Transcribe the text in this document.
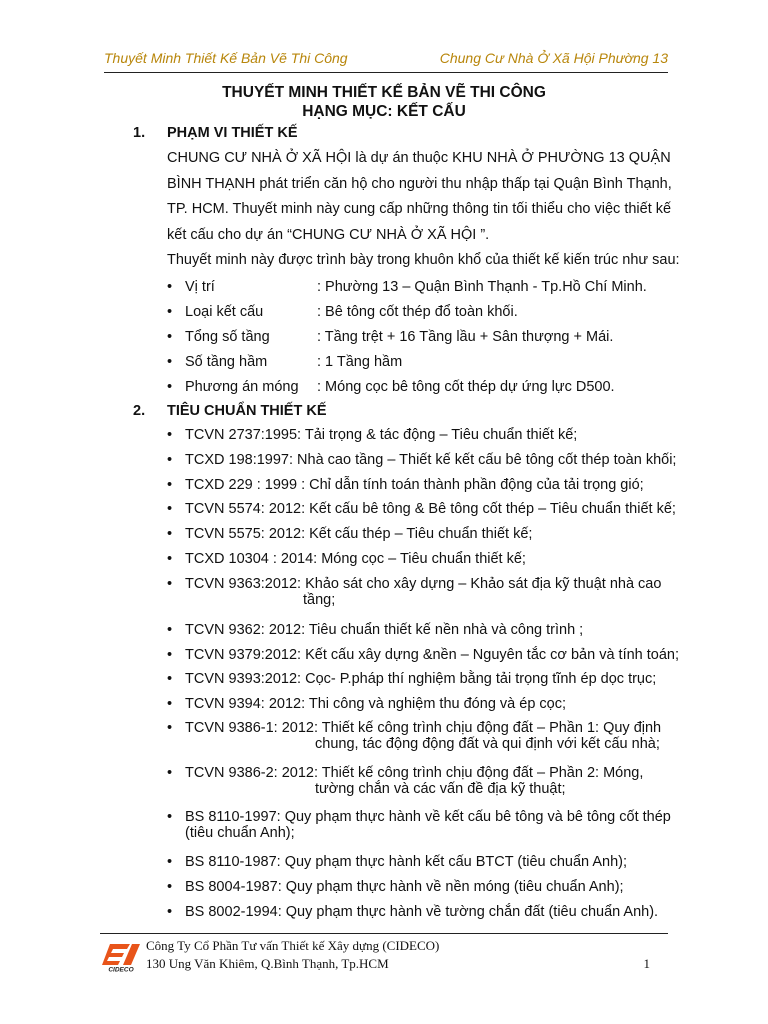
Thuyết Minh Thiết Kế Bản Vẽ Thi Công	Chung Cư Nhà Ở Xã Hội Phường 13
THUYẾT MINH THIẾT KẾ BẢN VẼ THI CÔNG
HẠNG MỤC: KẾT CẤU
1. PHẠM VI THIẾT KẾ
CHUNG CƯ NHÀ Ở XÃ HỘI là dự án thuộc KHU NHÀ Ở PHƯỜNG 13 QUẬN
BÌNH THẠNH phát triển căn hộ cho người thu nhập thấp tại Quận Bình Thạnh,
TP. HCM. Thuyết minh này cung cấp những thông tin tối thiểu cho việc thiết kế
kết cấu cho dự án “CHUNG CƯ NHÀ Ở XÃ HỘI ”.
Thuyết minh này được trình bày trong khuôn khổ của thiết kế kiến trúc như sau:
• Vị trí	: Phường 13 – Quận Bình Thạnh - Tp.Hồ Chí Minh.
• Loại kết cấu	: Bê tông cốt thép đổ toàn khối.
• Tổng số tầng	: Tầng trệt + 16 Tầng lầu + Sân thượng + Mái.
• Số tầng hầm	: 1 Tầng hầm
• Phương án móng : Móng cọc bê tông cốt thép dự ứng lực D500.
2. TIÊU CHUẨN THIẾT KẾ
• TCVN 2737:1995: Tải trọng & tác động – Tiêu chuẩn thiết kế;
• TCXD 198:1997: Nhà cao tầng – Thiết kế kết cấu bê tông cốt thép toàn khối;
• TCXD 229 : 1999 : Chỉ dẫn tính toán thành phần động của tải trọng gió;
• TCVN 5574: 2012: Kết cấu bê tông & Bê tông cốt thép – Tiêu chuẩn thiết kế;
• TCVN 5575: 2012: Kết cấu thép – Tiêu chuẩn thiết kế;
• TCXD 10304 : 2014: Móng cọc – Tiêu chuẩn thiết kế;
• TCVN 9363:2012: Khảo sát cho xây dựng – Khảo sát địa kỹ thuật nhà cao
tầng;
• TCVN 9362: 2012: Tiêu chuẩn thiết kế nền nhà và công trình ;
• TCVN 9379:2012: Kết cấu xây dựng &nền – Nguyên tắc cơ bản và tính toán;
• TCVN 9393:2012: Cọc- P.pháp thí nghiệm bằng tải trọng tĩnh ép dọc trục;
• TCVN 9394: 2012: Thi công và nghiệm thu đóng và ép cọc;
• TCVN 9386-1: 2012: Thiết kế công trình chịu động đất – Phần 1: Quy định
chung, tác động động đất và qui định với kết cấu nhà;
• TCVN 9386-2: 2012: Thiết kế công trình chịu động đất – Phần 2: Móng,
tường chắn và các vấn đề địa kỹ thuật;
• BS 8110-1997: Quy phạm thực hành về kết cấu bê tông và bê tông cốt thép
(tiêu chuẩn Anh);
• BS 8110-1987: Quy phạm thực hành kết cấu BTCT (tiêu chuẩn Anh);
• BS 8004-1987: Quy phạm thực hành về nền móng (tiêu chuẩn Anh);
• BS 8002-1994: Quy phạm thực hành về tường chắn đất (tiêu chuẩn Anh).
CIDECO
Công Ty Cổ Phần Tư vấn Thiết kế Xây dựng (CIDECO)
130 Ung Văn Khiêm, Q.Bình Thạnh, Tp.HCM	1
